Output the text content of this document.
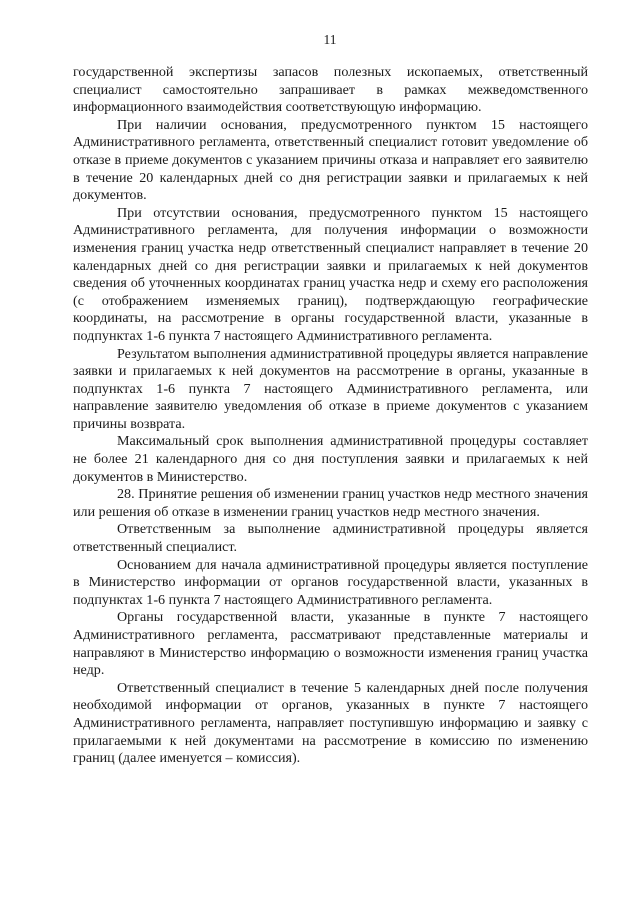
11

государственной экспертизы запасов полезных ископаемых, ответственный специалист самостоятельно запрашивает в рамках межведомственного информационного взаимодействия соответствующую информацию.

При наличии основания, предусмотренного пунктом 15 настоящего Административного регламента, ответственный специалист готовит уведомление об отказе в приеме документов с указанием причины отказа и направляет его заявителю в течение 20 календарных дней со дня регистрации заявки и прилагаемых к ней документов.

При отсутствии основания, предусмотренного пунктом 15 настоящего Административного регламента, для получения информации о возможности изменения границ участка недр ответственный специалист направляет в течение 20 календарных дней со дня регистрации заявки и прилагаемых к ней документов сведения об уточненных координатах границ участка недр и схему его расположения (с отображением изменяемых границ), подтверждающую географические координаты, на рассмотрение в органы государственной власти, указанные в подпунктах 1-6 пункта 7 настоящего Административного регламента.

Результатом выполнения административной процедуры является направление заявки и прилагаемых к ней документов на рассмотрение в органы, указанные в подпунктах 1-6 пункта 7 настоящего Административного регламента, или направление заявителю уведомления об отказе в приеме документов с указанием причины возврата.

Максимальный срок выполнения административной процедуры составляет не более 21 календарного дня со дня поступления заявки и прилагаемых к ней документов в Министерство.

28. Принятие решения об изменении границ участков недр местного значения или решения об отказе в изменении границ участков недр местного значения.

Ответственным за выполнение административной процедуры является ответственный специалист.

Основанием для начала административной процедуры является поступление в Министерство информации от органов государственной власти, указанных в подпунктах 1-6 пункта 7 настоящего Административного регламента.

Органы государственной власти, указанные в пункте 7 настоящего Административного регламента, рассматривают представленные материалы и направляют в Министерство информацию о возможности изменения границ участка недр.

Ответственный специалист в течение 5 календарных дней после получения необходимой информации от органов, указанных в пункте 7 настоящего Административного регламента, направляет поступившую информацию и заявку с прилагаемыми к ней документами на рассмотрение в комиссию по изменению границ (далее именуется – комиссия).
